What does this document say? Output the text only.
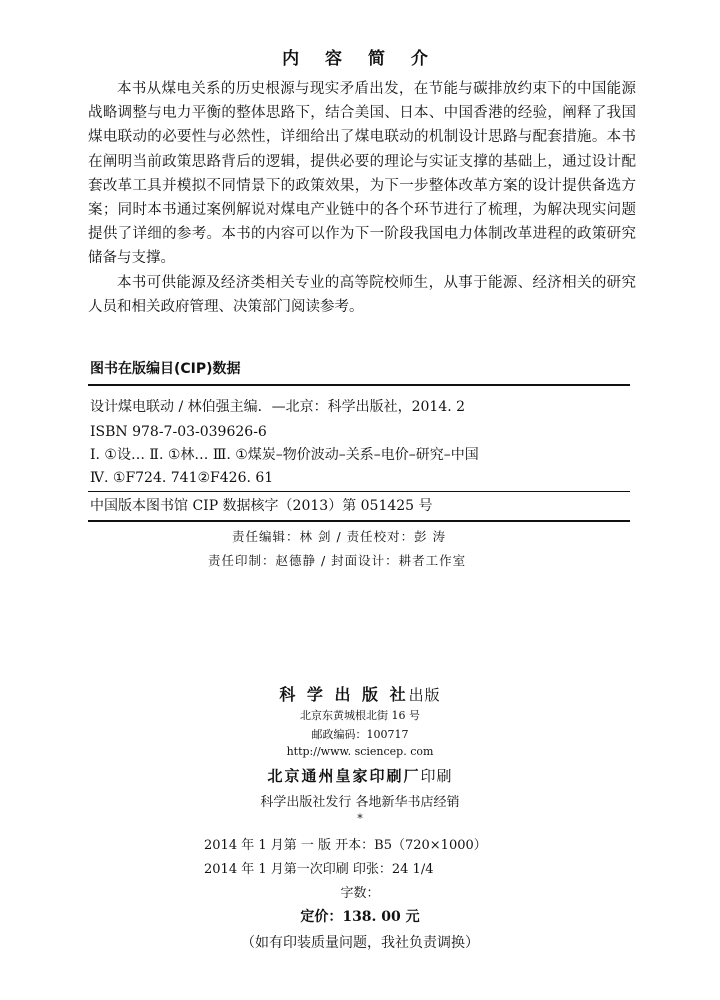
内 容 简 介

本书从煤电关系的历史根源与现实矛盾出发，在节能与碳排放约束下的中国能源战略调整与电力平衡的整体思路下，结合美国、日本、中国香港的经验，阐释了我国煤电联动的必要性与必然性，详细给出了煤电联动的机制设计思路与配套措施。本书在阐明当前政策思路背后的逻辑，提供必要的理论与实证支撑的基础上，通过设计配套改革工具并模拟不同情景下的政策效果，为下一步整体改革方案的设计提供备选方案；同时本书通过案例解说对煤电产业链中的各个环节进行了梳理，为解决现实问题提供了详细的参考。本书的内容可以作为下一阶段我国电力体制改革进程的政策研究储备与支撑。

本书可供能源及经济类相关专业的高等院校师生，从事于能源、经济相关的研究人员和相关政府管理、决策部门阅读参考。

图书在版编目(CIP)数据
设计煤电联动 / 林伯强主编．—北京：科学出版社，2014. 2
ISBN 978-7-03-039626-6
Ⅰ. ①设… Ⅱ. ①林… Ⅲ. ①煤炭–物价波动–关系–电价–研究–中国
Ⅳ. ①F724. 741②F426. 61
中国版本图书馆 CIP 数据核字（2013）第 051425 号
责任编辑：林 剑 / 责任校对：彭 涛
责任印制：赵德静 / 封面设计：耕者工作室
科 学 出 版 社出版
北京东黄城根北街 16 号
邮政编码：100717
http://www. sciencep. com
北京通州皇家印刷厂印刷
科学出版社发行 各地新华书店经销
*
2014 年 1 月第 一 版 开本：B5（720×1000）
2014 年 1 月第一次印刷 印张：24 1/4
字数：
定价：138. 00 元
（如有印装质量问题，我社负责调换）
